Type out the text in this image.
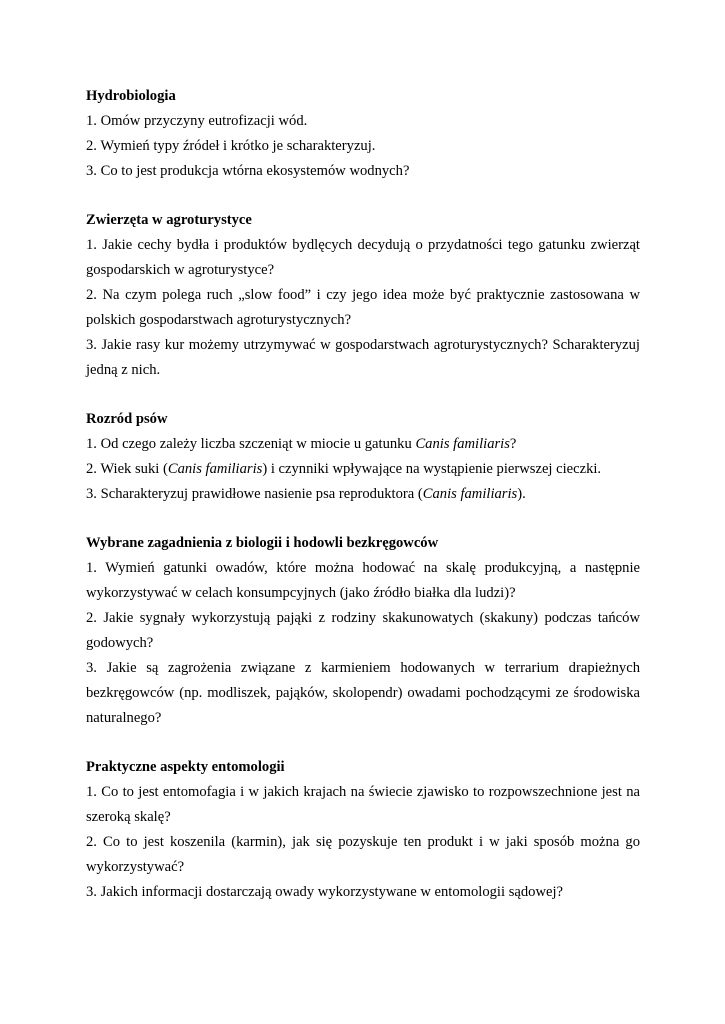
Hydrobiologia
1. Omów przyczyny eutrofizacji wód.
2. Wymień typy źródeł i krótko je scharakteryzuj.
3. Co to jest produkcja wtórna ekosystemów wodnych?
Zwierzęta w agroturystyce
1. Jakie cechy bydła i produktów bydlęcych decydują o przydatności tego gatunku zwierząt gospodarskich w agroturystyce?
2. Na czym polega ruch „slow food” i czy jego idea może być praktycznie zastosowana w polskich gospodarstwach agroturystycznych?
3. Jakie rasy kur możemy utrzymywać w gospodarstwach agroturystycznych? Scharakteryzuj jedną z nich.
Rozród psów
1. Od czego zależy liczba szczeniąt w miocie u gatunku Canis familiaris?
2. Wiek suki (Canis familiaris) i czynniki wpływające na wystąpienie pierwszej cieczki.
3. Scharakteryzuj prawidłowe nasienie psa reproduktora (Canis familiaris).
Wybrane zagadnienia z biologii i hodowli bezkręgowców
1. Wymień gatunki owadów, które można hodować na skalę produkcyjną, a następnie wykorzystywać w celach konsumpcyjnych (jako źródło białka dla ludzi)?
2. Jakie sygnały wykorzystują pająki z rodziny skakunowatych (skakuny) podczas tańców godowych?
3. Jakie są zagrożenia związane z karmieniem hodowanych w terrarium drapieżnych bezkręgowców (np. modliszek, pająków, skolopendr) owadami pochodzącymi ze środowiska naturalnego?
Praktyczne aspekty entomologii
1. Co to jest entomofagia i w jakich krajach na świecie zjawisko to rozpowszechnione jest na szeroką skalę?
2. Co to jest koszenila (karmin), jak się pozyskuje ten produkt i w jaki sposób można go wykorzystywać?
3. Jakich informacji dostarczają owady wykorzystywane w entomologii sądowej?
